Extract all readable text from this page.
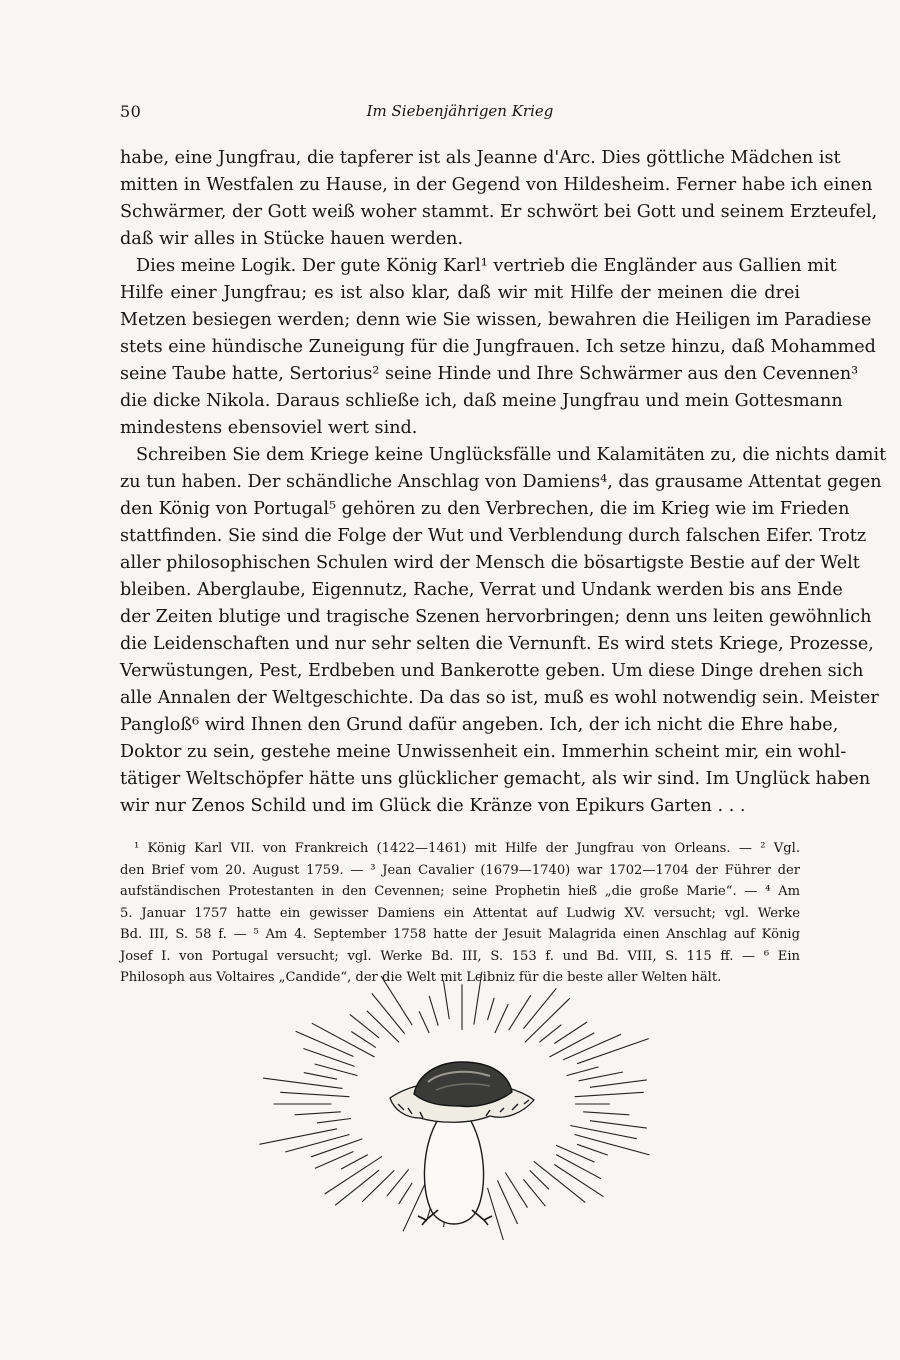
50	Im Siebenjährigen Krieg
habe, eine Jungfrau, die tapferer ist als Jeanne d'Arc. Dies göttliche Mädchen ist
mitten in Westfalen zu Hause, in der Gegend von Hildesheim. Ferner habe ich einen
Schwärmer, der Gott weiß woher stammt. Er schwört bei Gott und seinem Erzteufel,
daß wir alles in Stücke hauen werden.
Dies meine Logik. Der gute König Karl¹ vertrieb die Engländer aus Gallien mit
Hilfe einer Jungfrau; es ist also klar, daß wir mit Hilfe der meinen die drei
Metzen besiegen werden; denn wie Sie wissen, bewahren die Heiligen im Paradiese
stets eine hündische Zuneigung für die Jungfrauen. Ich setze hinzu, daß Mohammed
seine Taube hatte, Sertorius² seine Hinde und Ihre Schwärmer aus den Cevennen³
die dicke Nikola. Daraus schließe ich, daß meine Jungfrau und mein Gottesmann
mindestens ebensoviel wert sind.
Schreiben Sie dem Kriege keine Unglücksfälle und Kalamitäten zu, die nichts damit
zu tun haben. Der schändliche Anschlag von Damiens⁴, das grausame Attentat gegen
den König von Portugal⁵ gehören zu den Verbrechen, die im Krieg wie im Frieden
stattfinden. Sie sind die Folge der Wut und Verblendung durch falschen Eifer. Trotz
aller philosophischen Schulen wird der Mensch die bösartigste Bestie auf der Welt
bleiben. Aberglaube, Eigennutz, Rache, Verrat und Undank werden bis ans Ende
der Zeiten blutige und tragische Szenen hervorbringen; denn uns leiten gewöhnlich
die Leidenschaften und nur sehr selten die Vernunft. Es wird stets Kriege, Prozesse,
Verwüstungen, Pest, Erdbeben und Bankerotte geben. Um diese Dinge drehen sich
alle Annalen der Weltgeschichte. Da das so ist, muß es wohl notwendig sein. Meister
Pangloß⁶ wird Ihnen den Grund dafür angeben. Ich, der ich nicht die Ehre habe,
Doktor zu sein, gestehe meine Unwissenheit ein. Immerhin scheint mir, ein wohl-
tätiger Weltschöpfer hätte uns glücklicher gemacht, als wir sind. Im Unglück haben
wir nur Zenos Schild und im Glück die Kränze von Epikurs Garten . . .
¹ König Karl VII. von Frankreich (1422—1461) mit Hilfe der Jungfrau von Orleans. — ² Vgl.
den Brief vom 20. August 1759. — ³ Jean Cavalier (1679—1740) war 1702—1704 der Führer der
aufständischen Protestanten in den Cevennen; seine Prophetin hieß „die große Marie“. — ⁴ Am
5. Januar 1757 hatte ein gewisser Damiens ein Attentat auf Ludwig XV. versucht; vgl. Werke
Bd. III, S. 58 f. — ⁵ Am 4. September 1758 hatte der Jesuit Malagrida einen Anschlag auf König
Josef I. von Portugal versucht; vgl. Werke Bd. III, S. 153 f. und Bd. VIII, S. 115 ff. — ⁶ Ein
Philosoph aus Voltaires „Candide“, der die Welt mit Leibniz für die beste aller Welten hält.
